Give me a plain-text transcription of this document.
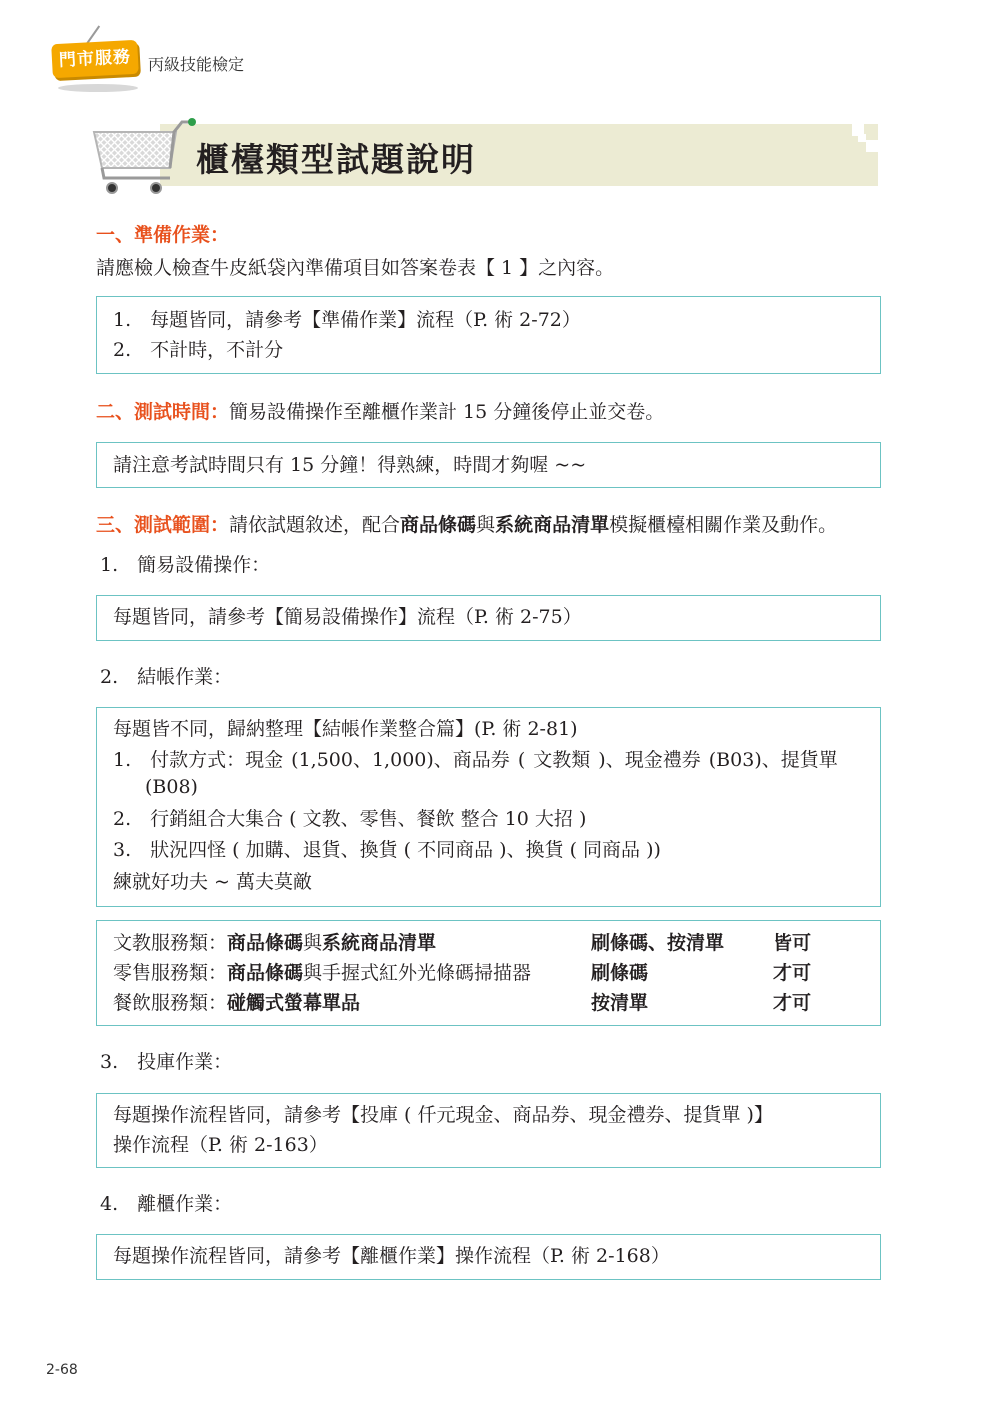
門市服務	丙級技能檢定
櫃檯類型試題說明
一、準備作業：
請應檢人檢查牛皮紙袋內準備項目如答案卷表【 1 】之內容。
1.　每題皆同，請參考【準備作業】流程（P. 術 2-72）
2.　不計時，不計分
二、測試時間：簡易設備操作至離櫃作業計 15 分鐘後停止並交卷。
請注意考試時間只有 15 分鐘！得熟練，時間才夠喔 ~~
三、測試範圍：請依試題敘述，配合商品條碼與系統商品清單模擬櫃檯相關作業及動作。
1.　簡易設備操作：
每題皆同，請參考【簡易設備操作】流程（P. 術 2-75）
2.　結帳作業：
每題皆不同，歸納整理【結帳作業整合篇】(P. 術 2-81)
1.　付款方式：現金 (1,500、1,000)、商品券 ( 文教類 )、現金禮券 (B03)、提貨單
(B08)
2.　行銷組合大集合 ( 文教、零售、餐飲 整合 10 大招 )
3.　狀況四怪 ( 加購、退貨、換貨 ( 不同商品 )、換貨 ( 同商品 ))
練就好功夫 ~ 萬夫莫敵
文教服務類：商品條碼與系統商品清單	刷條碼、按清單	皆可
零售服務類：商品條碼與手握式紅外光條碼掃描器	刷條碼	才可
餐飲服務類：碰觸式螢幕單品	按清單	才可
3.　投庫作業：
每題操作流程皆同，請參考【投庫 ( 仟元現金、商品券、現金禮券、提貨單 )】
操作流程（P. 術 2-163）
4.　離櫃作業：
每題操作流程皆同，請參考【離櫃作業】操作流程（P. 術 2-168）
2-68
